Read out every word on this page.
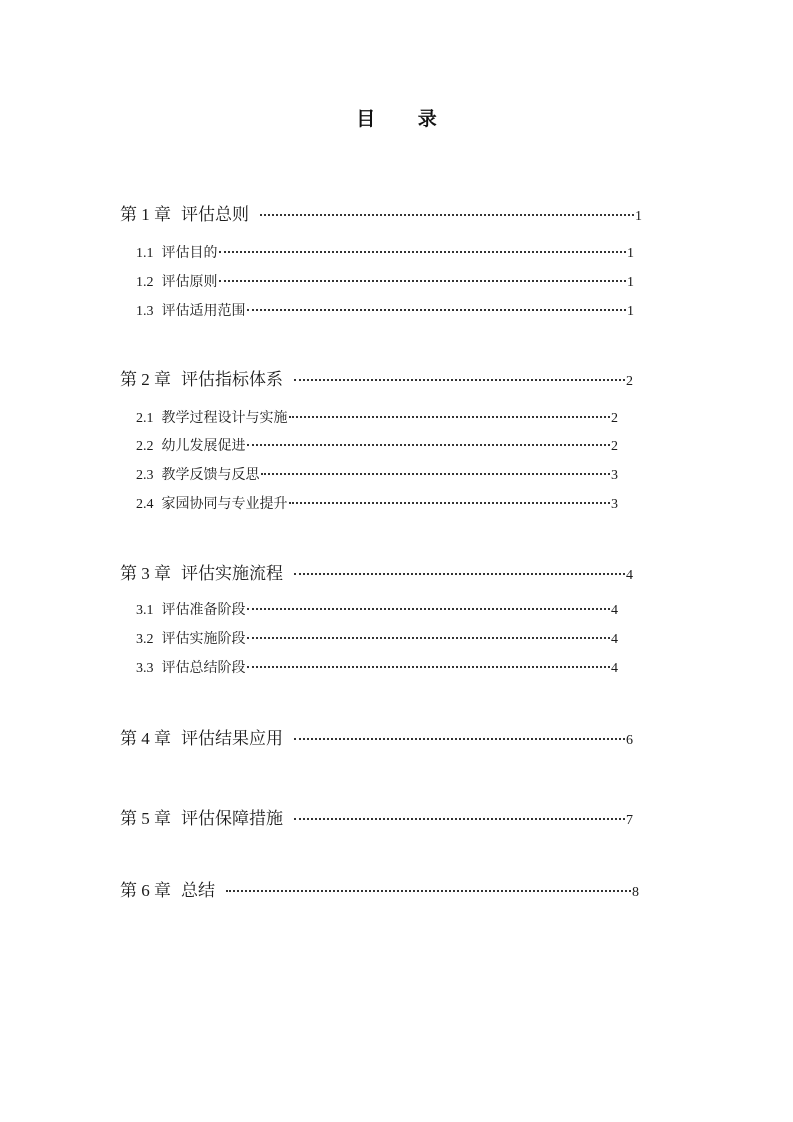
目 录
第 1 章 评估总则	1
1.1 评估目的	1
1.2 评估原则	1
1.3 评估适用范围	1
第 2 章 评估指标体系	2
2.1 教学过程设计与实施	2
2.2 幼儿发展促进	2
2.3 教学反馈与反思	3
2.4 家园协同与专业提升	3
第 3 章 评估实施流程	4
3.1 评估准备阶段	4
3.2 评估实施阶段	4
3.3 评估总结阶段	4
第 4 章 评估结果应用	6
第 5 章 评估保障措施	7
第 6 章 总结	8
